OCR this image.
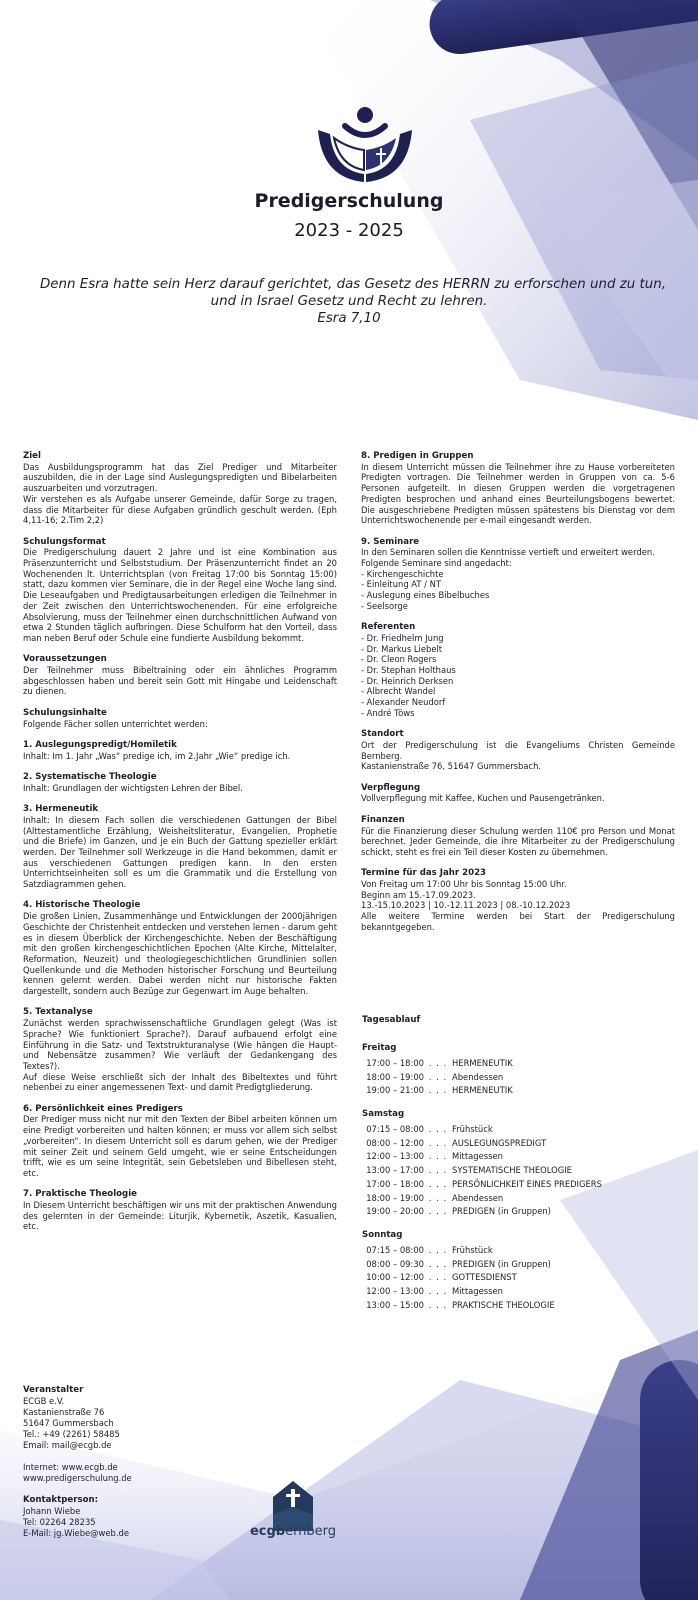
Predigerschulung
2023 - 2025
Denn Esra hatte sein Herz darauf gerichtet, das Gesetz des HERRN zu erforschen und zu tun,
und in Israel Gesetz und Recht zu lehren.
Esra 7,10
Ziel

Das Ausbildungsprogramm hat das Ziel Prediger und Mitarbeiter auszubilden, die in der Lage sind Auslegungspredigten und Bibelarbeiten auszuarbeiten und vorzutragen.

Wir verstehen es als Aufgabe unserer Gemeinde, dafür Sorge zu tragen, dass die Mitarbeiter für diese Aufgaben gründlich geschult werden. (Eph 4,11-16; 2.Tim 2,2)

Schulungsformat

Die Predigerschulung dauert 2 Jahre und ist eine Kombination aus Präsenzunterricht und Selbststudium. Der Präsenzunterricht findet an 20 Wochenenden lt. Unterrichtsplan (von Freitag 17:00 bis Sonntag 15:00) statt, dazu kommen vier Seminare, die in der Regel eine Woche lang sind. Die Leseaufgaben und Predigtausarbeitungen erledigen die Teilnehmer in der Zeit zwischen den Unterrichtswochenenden. Für eine erfolgreiche Absolvierung, muss der Teilnehmer einen durchschnittlichen Aufwand von etwa 2 Stunden täglich aufbringen. Diese Schulform hat den Vorteil, dass man neben Beruf oder Schule eine fundierte Ausbildung bekommt.

Voraussetzungen

Der Teilnehmer muss Bibeltraining oder ein ähnliches Programm abgeschlossen haben und bereit sein Gott mit Hingabe und Leidenschaft zu dienen.

Schulungsinhalte

Folgende Fächer sollen unterrichtet werden:

1. Auslegungspredigt/Homiletik

Inhalt: Im 1. Jahr „Was“ predige ich, im 2.Jahr „Wie“ predige ich.

2. Systematische Theologie

Inhalt: Grundlagen der wichtigsten Lehren der Bibel.

3. Hermeneutik

Inhalt: In diesem Fach sollen die verschiedenen Gattungen der Bibel (Alttestamentliche Erzählung, Weisheitsliteratur, Evangelien, Prophetie und die Briefe) im Ganzen, und je ein Buch der Gattung spezieller erklärt werden. Der Teilnehmer soll Werkzeuge in die Hand bekommen, damit er aus verschiedenen Gattungen predigen kann. In den ersten Unterrichtseinheiten soll es um die Grammatik und die Erstellung von Satzdiagrammen gehen.

4. Historische Theologie

Die großen Linien, Zusammenhänge und Entwicklungen der 2000jährigen Geschichte der Christenheit entdecken und verstehen lernen - darum geht es in diesem Überblick der Kirchengeschichte. Neben der Beschäftigung mit den großen kirchengeschichtlichen Epochen (Alte Kirche, Mittelalter, Reformation, Neuzeit) und theologiegeschichtlichen Grundlinien sollen Quellenkunde und die Methoden historischer Forschung und Beurteilung kennen gelernt werden. Dabei werden nicht nur historische Fakten dargestellt, sondern auch Bezüge zur Gegenwart im Auge behalten.

5. Textanalyse

Zunächst werden sprachwissenschaftliche Grundlagen gelegt (Was ist Sprache? Wie funktioniert Sprache?). Darauf aufbauend erfolgt eine Einführung in die Satz- und Textstrukturanalyse (Wie hängen die Haupt- und Nebensätze zusammen? Wie verläuft der Gedankengang des Textes?).

Auf diese Weise erschließt sich der Inhalt des Bibeltextes und führt nebenbei zu einer angemessenen Text- und damit Predigtgliederung.

6. Persönlichkeit eines Predigers

Der Prediger muss nicht nur mit den Texten der Bibel arbeiten können um eine Predigt vorbereiten und halten können; er muss vor allem sich selbst „vorbereiten“. In diesem Unterricht soll es darum gehen, wie der Prediger mit seiner Zeit und seinem Geld umgeht, wie er seine Entscheidungen trifft, wie es um seine Integrität, sein Gebetsleben und Bibellesen steht, etc.

7. Praktische Theologie

In Diesem Unterricht beschäftigen wir uns mit der praktischen Anwendung des gelernten in der Gemeinde: Liturjik, Kybernetik, Aszetik, Kasualien, etc.

8. Predigen in Gruppen

In diesem Unterricht müssen die Teilnehmer ihre zu Hause vorbereiteten Predigten vortragen. Die Teilnehmer werden in Gruppen von ca. 5-6 Personen aufgeteilt. In diesen Gruppen werden die vorgetragenen Predigten besprochen und anhand eines Beurteilungsbogens bewertet. Die ausgeschriebene Predigten müssen spätestens bis Dienstag vor dem Unterrichtswochenende per e-mail eingesandt werden.

9. Seminare

In den Seminaren sollen die Kenntnisse vertieft und erweitert werden.

Folgende Seminare sind angedacht:

- Kirchengeschichte
- Einleitung AT / NT
- Auslegung eines Bibelbuches
- Seelsorge
Referenten
- Dr. Friedhelm Jung
- Dr. Markus Liebelt
- Dr. Cleon Rogers
- Dr. Stephan Holthaus
- Dr. Heinrich Derksen
- Albrecht Wandel
- Alexander Neudorf
- André Töws
Standort

Ort der Predigerschulung ist die Evangeliums Christen Gemeinde Bernberg.

Kastanienstraße 76, 51647 Gummersbach.

Verpflegung

Vollverpflegung mit Kaffee, Kuchen und Pausengetränken.

Finanzen

Für die Finanzierung dieser Schulung werden 110€ pro Person und Monat berechnet. Jeder Gemeinde, die ihre Mitarbeiter zu der Predigerschulung schickt, steht es frei ein Teil dieser Kosten zu übernehmen.

Termine für das Jahr 2023

Von Freitag um 17:00 Uhr bis Sonntag 15:00 Uhr.

Beginn am 15.-17.09.2023.

13.-15.10.2023 | 10.-12.11.2023 | 08.-10.12.2023

Alle weitere Termine werden bei Start der Predigerschulung bekanntgegeben.

Tagesablauf
Freitag
17:00 – 18:00 . . . HERMENEUTIK
18:00 – 19:00 . . . Abendessen
19:00 – 21:00 . . . HERMENEUTIK
Samstag
07:15 – 08:00 . . . Frühstück
08:00 – 12:00 . . . AUSLEGUNGSPREDIGT
12:00 – 13:00 . . . Mittagessen
13:00 – 17:00 . . . SYSTEMATISCHE THEOLOGIE
17:00 – 18:00 . . . PERSÖNLICHKEIT EINES PREDIGERS
18:00 – 19:00 . . . Abendessen
19:00 – 20:00 . . . PREDIGEN (in Gruppen)
Sonntag
07:15 – 08:00 . . . Frühstück
08:00 – 09:30 . . . PREDIGEN (in Gruppen)
10:00 – 12:00 . . . GOTTESDIENST
12:00 – 13:00 . . . Mittagessen
13:00 – 15:00 . . . PRAKTISCHE THEOLOGIE
Veranstalter

ECGB e.V.

Kastanienstraße 76

51647 Gummersbach

Tel.: +49 (2261) 58485

Email: mail@ecgb.de

Internet: www.ecgb.de

www.predigerschulung.de

Kontaktperson:

Johann Wiebe

Tel: 02264 28235

E-Mail: jg.Wiebe@web.de	ecgbernberg
